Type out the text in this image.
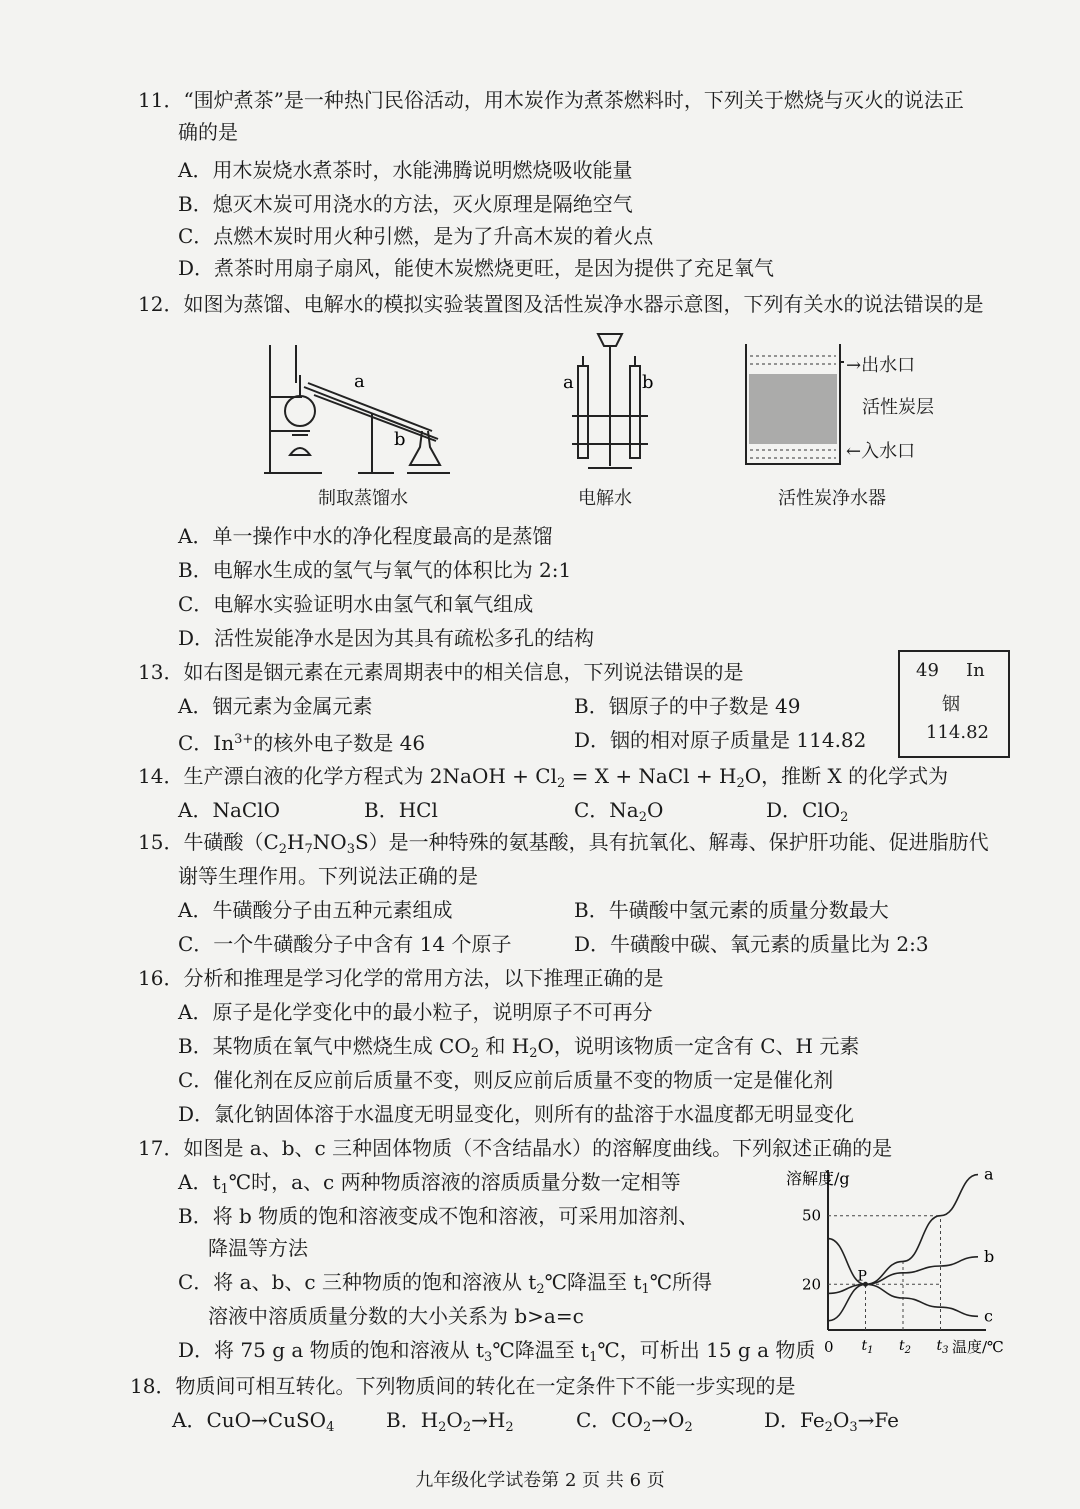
11．“围炉煮茶”是一种热门民俗活动，用木炭作为煮茶燃料时，下列关于燃烧与灭火的说法正
确的是
A．用木炭烧水煮茶时，水能沸腾说明燃烧吸收能量
B．熄灭木炭可用浇水的方法，灭火原理是隔绝空气
C．点燃木炭时用火种引燃，是为了升高木炭的着火点
D．煮茶时用扇子扇风，能使木炭燃烧更旺，是因为提供了充足氧气
12．如图为蒸馏、电解水的模拟实验装置图及活性炭净水器示意图，下列有关水的说法错误的是
a
b
制取蒸馏水
a	b
电解水
→出水口
活性炭层
←入水口
活性炭净水器
A．单一操作中水的净化程度最高的是蒸馏
B．电解水生成的氢气与氧气的体积比为 2:1
C．电解水实验证明水由氢气和氧气组成
D．活性炭能净水是因为其具有疏松多孔的结构
13．如右图是铟元素在元素周期表中的相关信息，下列说法错误的是
A．铟元素为金属元素	B．铟原子的中子数是 49
C．$In^{3+}$的核外电子数是 46	D．铟的相对原子质量是 114.82
49 In
铟
114.82
14．生产漂白液的化学方程式为 2NaOH + $Cl_2 = X$ + NaCl + $H_2O$，推断 X 的化学式为
A．NaClO	B．HCl	C．$Na_2O$	D．ClO$_2$
15．牛磺酸$(C_2H_7NO_3S)$是一种特殊的氨基酸，具有抗氧化、解毒、保护肝功能、促进脂肪代
谢等生理作用。下列说法正确的是
A．牛磺酸分子由五种元素组成	B．牛磺酸中氢元素的质量分数最大
C．一个牛磺酸分子中含有 14 个原子	D．牛磺酸中碳、氧元素的质量比为 2:3
16．分析和推理是学习化学的常用方法，以下推理正确的是
A．原子是化学变化中的最小粒子，说明原子不可再分
B．某物质在氧气中燃烧生成 $CO_2$ 和 $H_2O$，说明该物质一定含有 C、H 元素
C．催化剂在反应前后质量不变，则反应前后质量不变的物质一定是催化剂
D．氯化钠固体溶于水温度无明显变化，则所有的盐溶于水温度都无明显变化
17．如图是 a、b、c 三种固体物质（不含结晶水）的溶解度曲线。下列叙述正确的是
A．$t_1℃$时，a、c 两种物质溶液的溶质质量分数一定相等
B．将 b 物质的饱和溶液变成不饱和溶液，可采用加溶剂、
降温等方法
C．将 a、b、c 三种物质的饱和溶液从 $t_2℃$降温至 $t_1℃$所得
溶液中溶质质量分数的大小关系为 b>a=c
D．将 75 g a 物质的饱和溶液从 $t_3℃$降温至 $t_1℃$，可析出 15 g a 物质
溶解度/g
温度/℃
0
20
50
$t_1$ $t_2$ $t_3$
a
b
c
P
18．物质间可相互转化。下列物质间的转化在一定条件下不能一步实现的是
A．CuO→CuSO$_4$	B．$H_2O_2\to H_2$	C．$CO_2\to O_2$	D．$Fe_2O_3\to Fe$
九年级化学试卷第 2 页 共 6 页
